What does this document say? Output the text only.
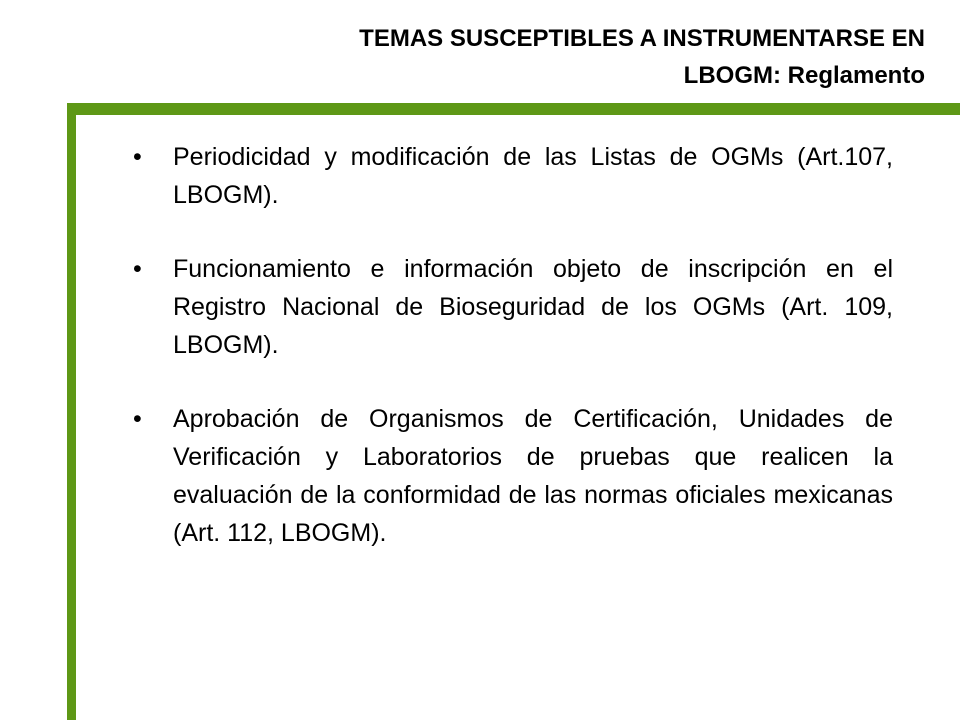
TEMAS SUSCEPTIBLES A INSTRUMENTARSE EN
LBOGM: Reglamento
• Periodicidad y modificación de las Listas de OGMs (Art.107, LBOGM).
• Funcionamiento e información objeto de inscripción en el Registro Nacional de Bioseguridad de los OGMs (Art. 109, LBOGM).
• Aprobación de Organismos de Certificación, Unidades de Verificación y Laboratorios de pruebas que realicen la evaluación de la conformidad de las normas oficiales mexicanas (Art. 112, LBOGM).
